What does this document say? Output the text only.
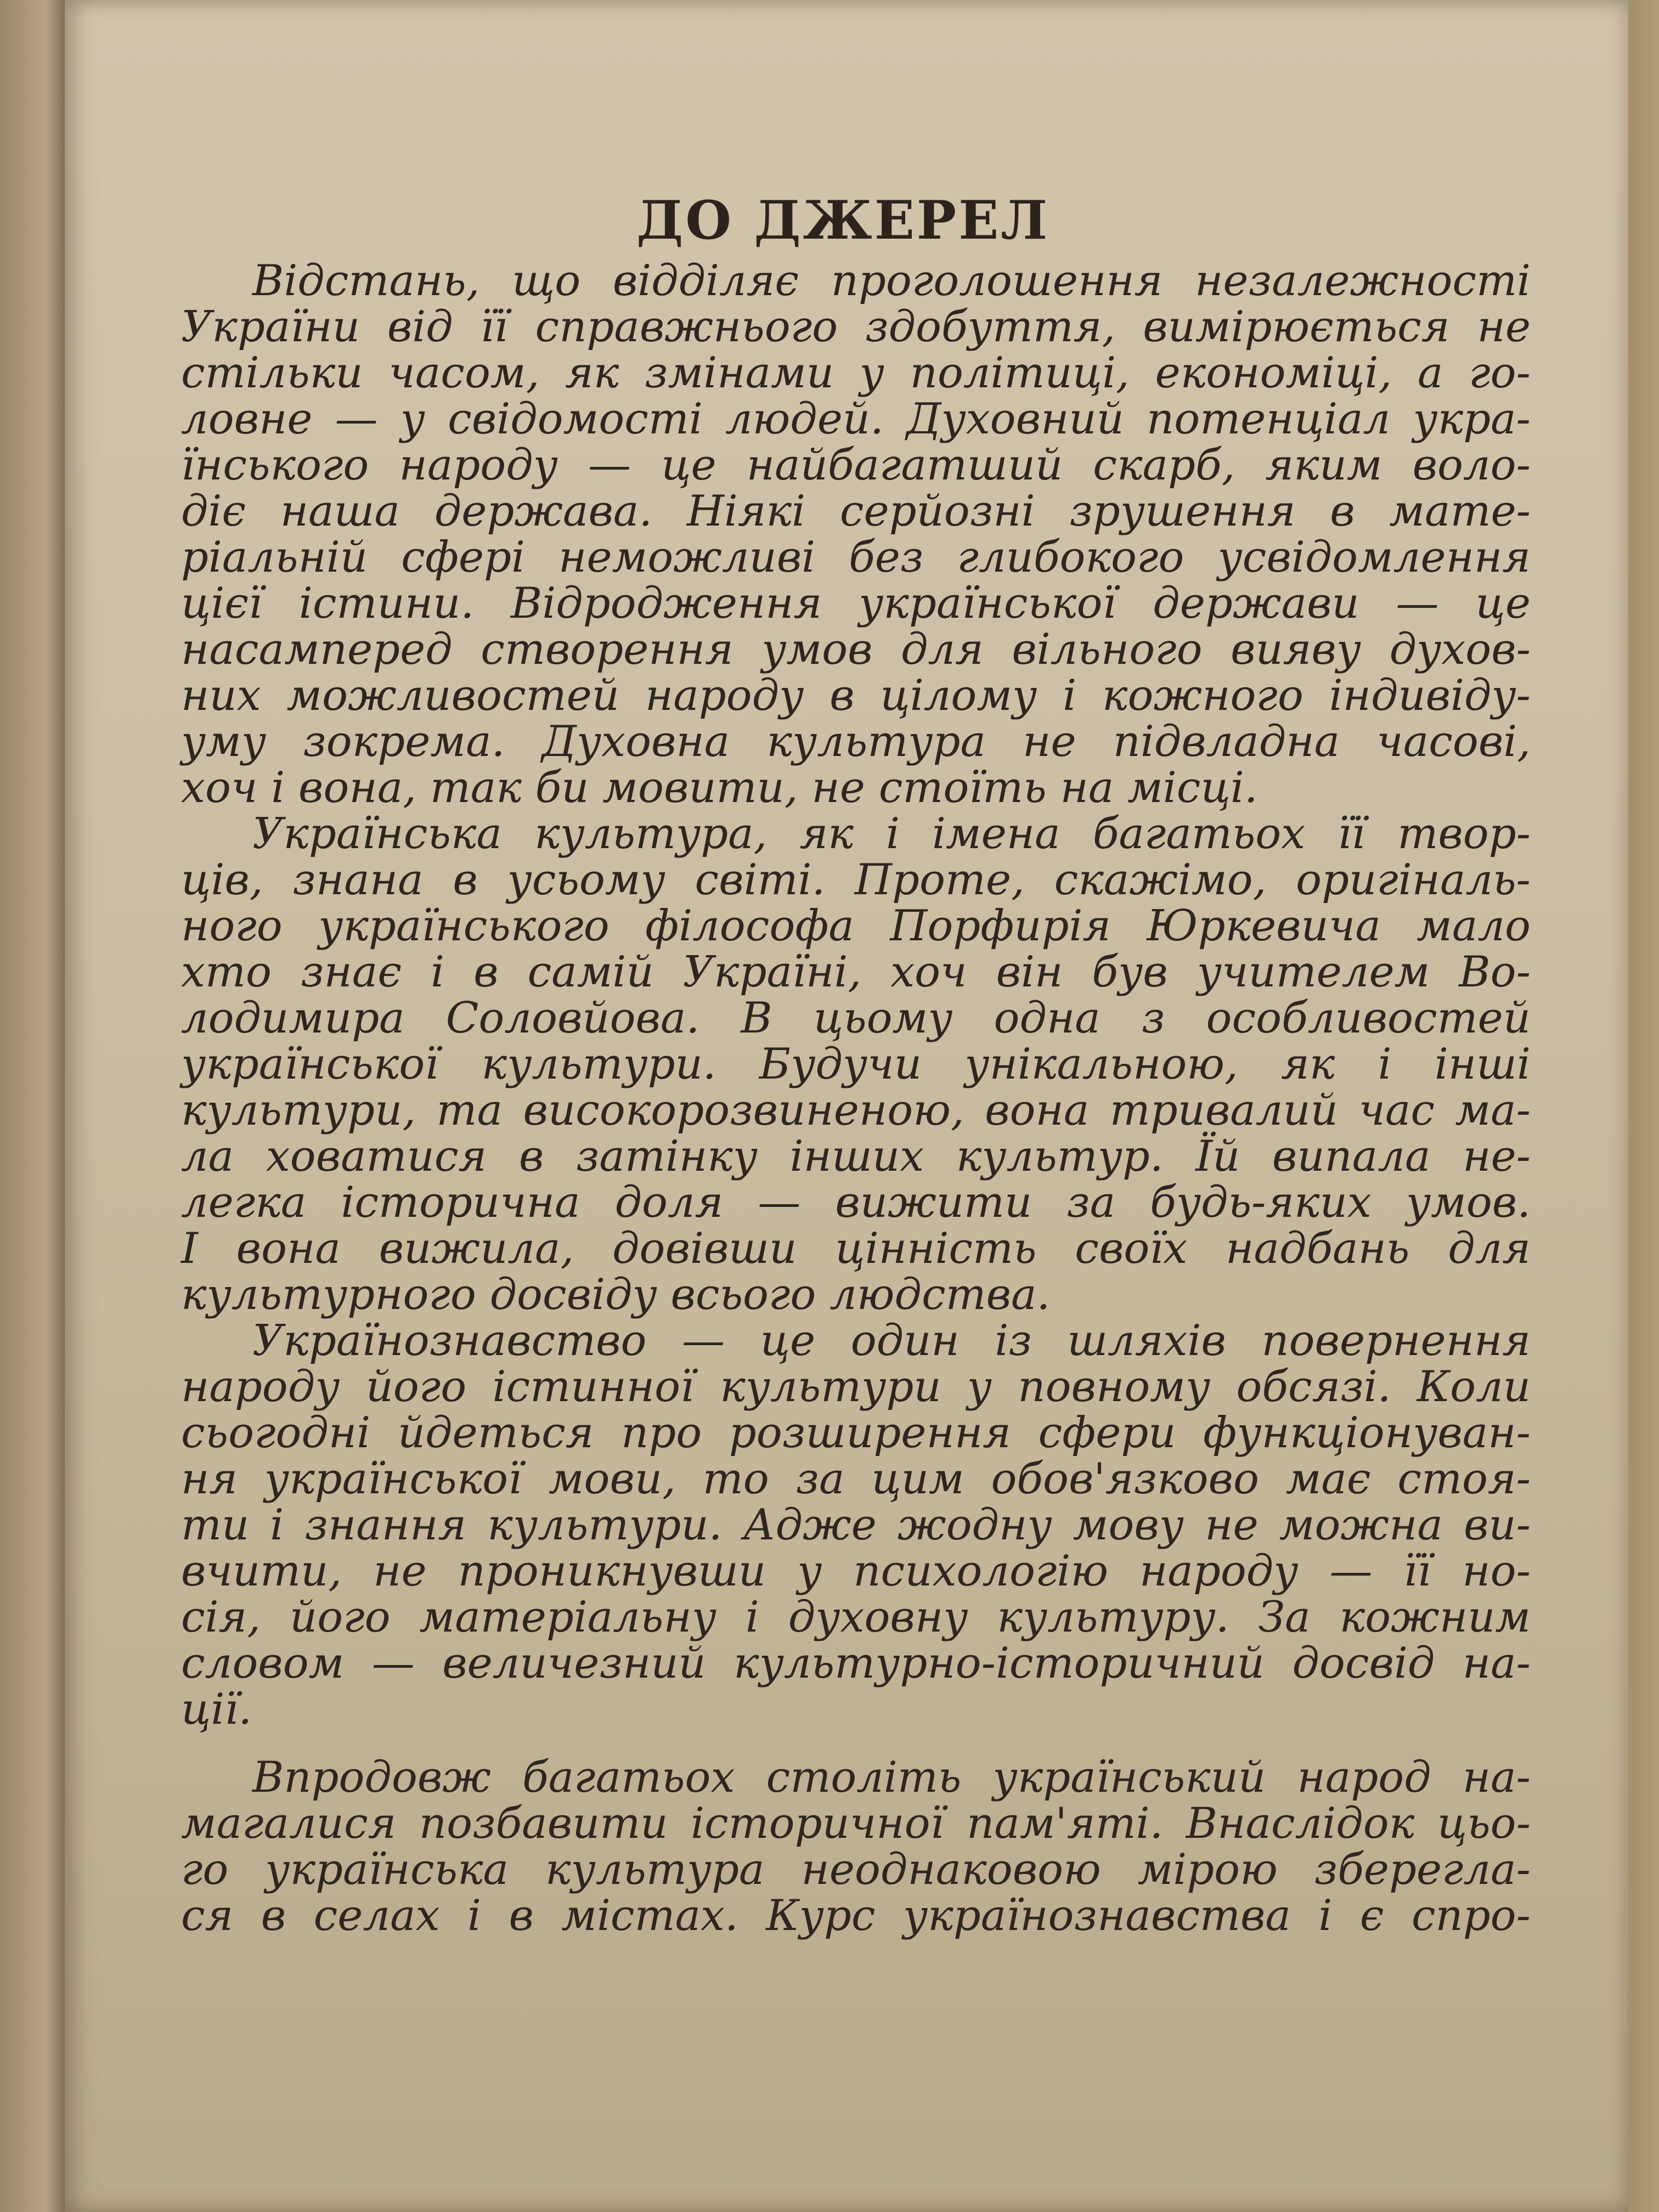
ДО ДЖЕРЕЛ
Відстань, що відділяє проголошення незалежності
України від її справжнього здобуття, вимірюється не
стільки часом, як змінами у політиці, економіці, а го-
ловне — у свідомості людей. Духовний потенціал укра-
їнського народу — це найбагатший скарб, яким воло-
діє наша держава. Ніякі серйозні зрушення в мате-
ріальній сфері неможливі без глибокого усвідомлення
цієї істини. Відродження української держави — це
насамперед створення умов для вільного вияву духов-
них можливостей народу в цілому і кожного індивіду-
уму зокрема. Духовна культура не підвладна часові,
хоч і вона, так би мовити, не стоїть на місці.
Українська культура, як і імена багатьох її твор-
ців, знана в усьому світі. Проте, скажімо, оригіналь-
ного українського філософа Порфирія Юркевича мало
хто знає і в самій Україні, хоч він був учителем Во-
лодимира Соловйова. В цьому одна з особливостей
української культури. Будучи унікальною, як і інші
культури, та високорозвиненою, вона тривалий час ма-
ла ховатися в затінку інших культур. Їй випала не-
легка історична доля — вижити за будь-яких умов.
І вона вижила, довівши цінність своїх надбань для
культурного досвіду всього людства.
Українознавство — це один із шляхів повернення
народу його істинної культури у повному обсязі. Коли
сьогодні йдеться про розширення сфери функціонуван-
ня української мови, то за цим обов'язково має стоя-
ти і знання культури. Адже жодну мову не можна ви-
вчити, не проникнувши у психологію народу — її но-
сія, його матеріальну і духовну культуру. За кожним
словом — величезний культурно-історичний досвід на-
ції.
Впродовж багатьох століть український народ на-
магалися позбавити історичної пам'яті. Внаслідок цьо-
го українська культура неоднаковою мірою збереглa-
ся в селах і в містах. Курс українознавства і є спро-
